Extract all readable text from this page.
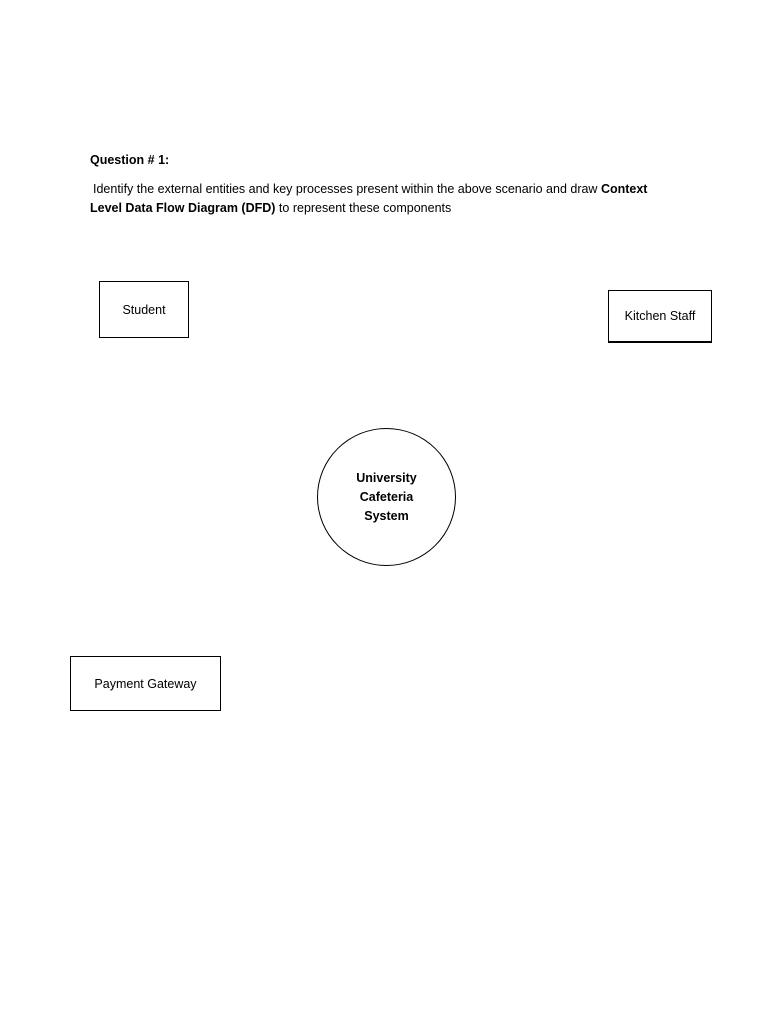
Question # 1:
Identify the external entities and key processes present within the above scenario and draw Context Level Data Flow Diagram (DFD) to represent these components
Student	Kitchen Staff
University
Cafeteria
System
Payment Gateway
